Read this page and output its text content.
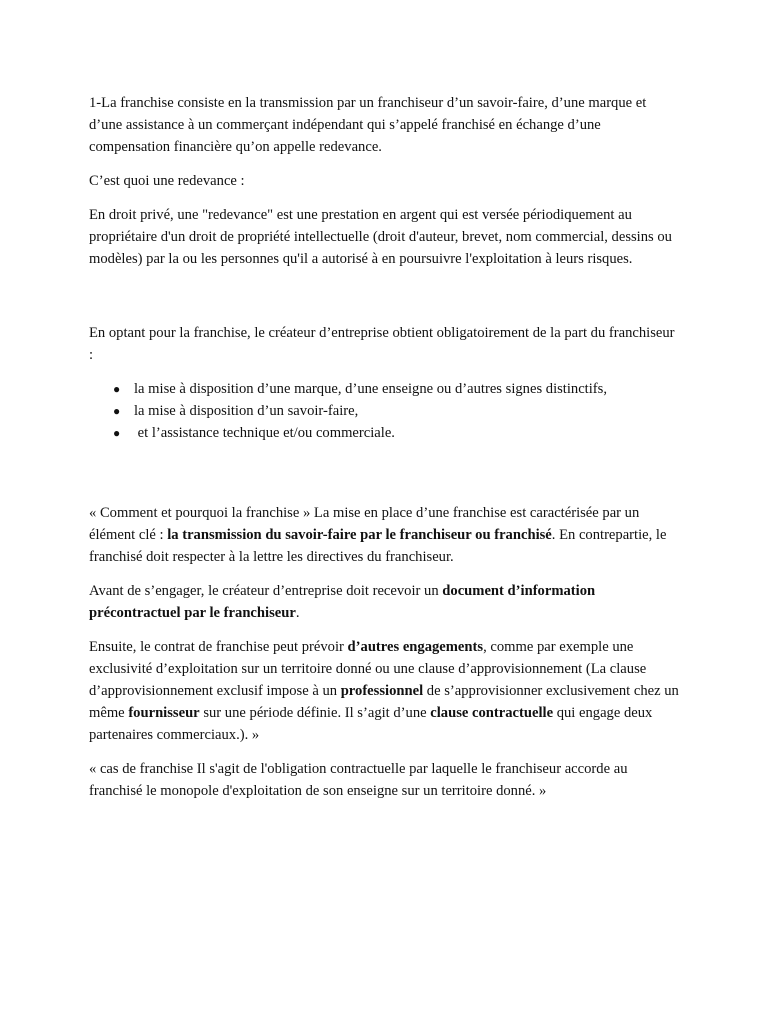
1-La franchise consiste en la transmission par un franchiseur d’un savoir-faire, d’une marque et d’une assistance à un commerçant indépendant qui s’appelé franchisé en échange d’une compensation financière qu’on appelle redevance.

C’est quoi une redevance :

En droit privé, une "redevance" est une prestation en argent qui est versée périodiquement au propriétaire d'un droit de propriété intellectuelle (droit d'auteur, brevet, nom commercial, dessins ou modèles) par la ou les personnes qu'il a autorisé à en poursuivre l'exploitation à leurs risques.

En optant pour la franchise, le créateur d’entreprise obtient obligatoirement de la part du franchiseur :

● la mise à disposition d’une marque, d’une enseigne ou d’autres signes distinctifs,
● la mise à disposition d’un savoir-faire,
● et l’assistance technique et/ou commerciale.

« Comment et pourquoi la franchise » La mise en place d’une franchise est caractérisée par un élément clé : la transmission du savoir-faire par le franchiseur ou franchisé. En contrepartie, le franchisé doit respecter à la lettre les directives du franchiseur.

Avant de s’engager, le créateur d’entreprise doit recevoir un document d’information précontractuel par le franchiseur.

Ensuite, le contrat de franchise peut prévoir d’autres engagements, comme par exemple une exclusivité d’exploitation sur un territoire donné ou une clause d’approvisionnement (La clause d’approvisionnement exclusif impose à un professionnel de s’approvisionner exclusivement chez un même fournisseur sur une période définie. Il s’agit d’une clause contractuelle qui engage deux partenaires commerciaux.). »

« cas de franchise Il s'agit de l'obligation contractuelle par laquelle le franchiseur accorde au franchisé le monopole d'exploitation de son enseigne sur un territoire donné. »
